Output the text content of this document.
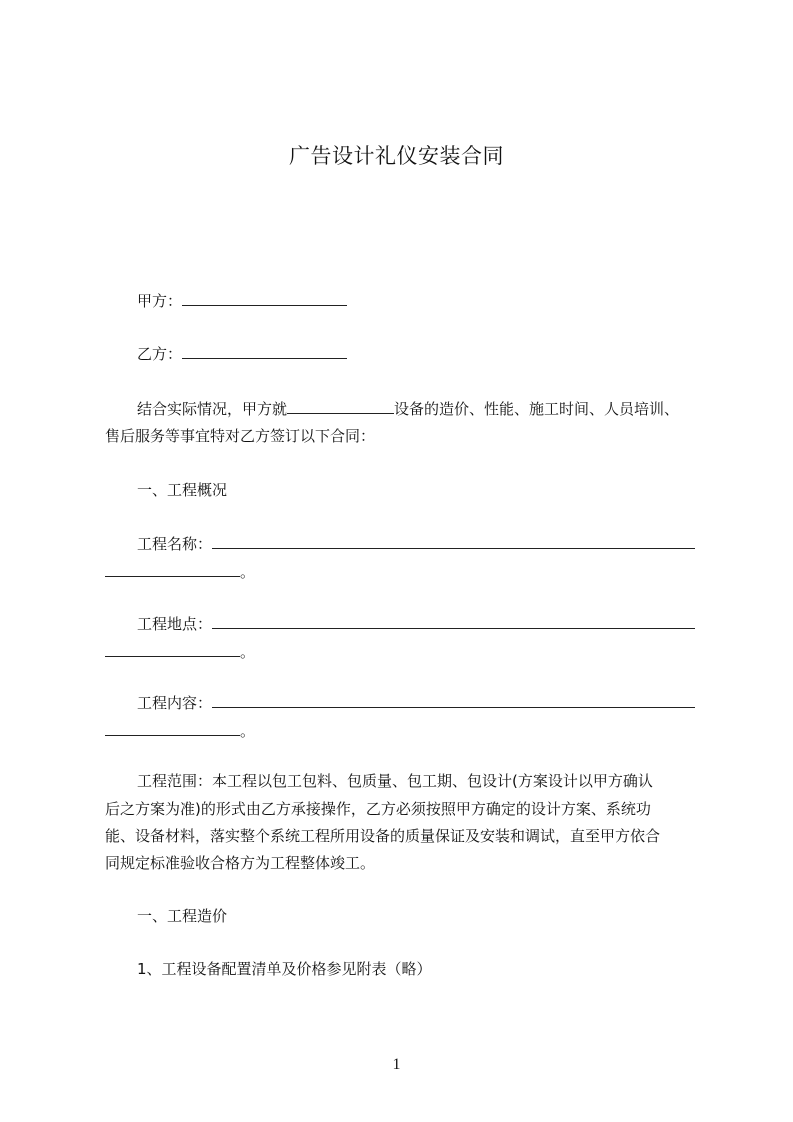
广告设计礼仪安装合同
甲方：
乙方：
结合实际情况，甲方就	设备的造价、性能、施工时间、人员培训、
售后服务等事宜特对乙方签订以下合同：
一、工程概况
工程名称：
。
工程地点：
。
工程内容：
。
工程范围：本工程以包工包料、包质量、包工期、包设计(方案设计以甲方确认
后之方案为准)的形式由乙方承接操作，乙方必须按照甲方确定的设计方案、系统功
能、设备材料，落实整个系统工程所用设备的质量保证及安装和调试，直至甲方依合
同规定标准验收合格方为工程整体竣工。
一、工程造价
1、工程设备配置清单及价格参见附表（略）
1
